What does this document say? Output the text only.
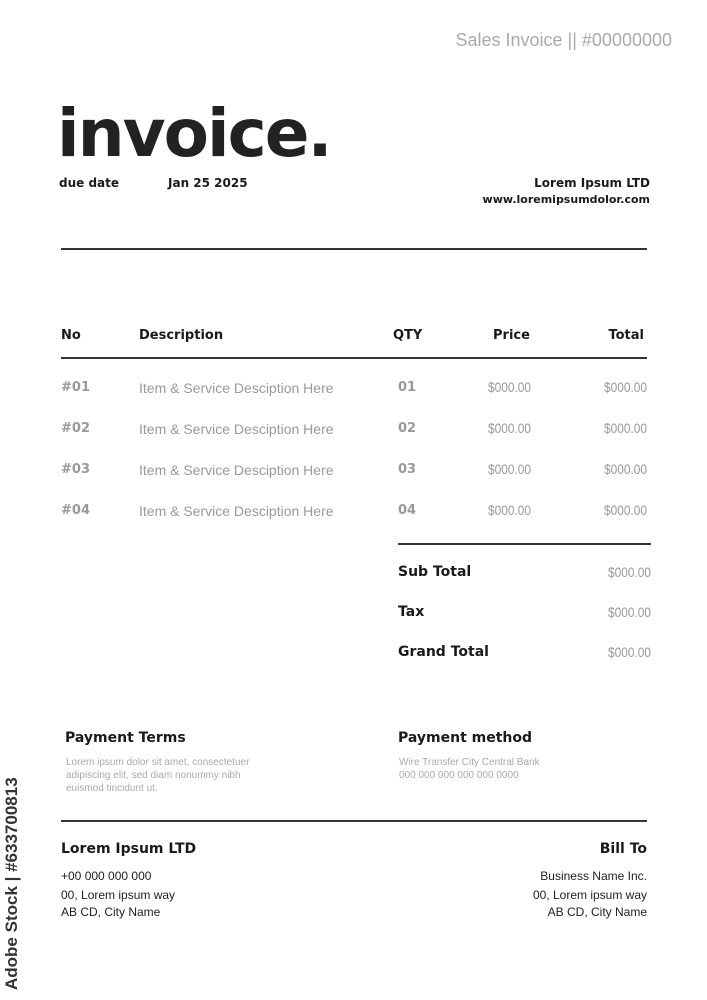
Sales Invoice || #00000000
invoice.
due date	Jan 25 2025	Lorem Ipsum LTD
www.loremipsumdolor.com
No	Description	QTY	Price	Total
#01	Item & Service Desciption Here	01	$000.00	$000.00
#02	Item & Service Desciption Here	02	$000.00	$000.00
#03	Item & Service Desciption Here	03	$000.00	$000.00
#04	Item & Service Desciption Here	04	$000.00	$000.00
Sub Total	$000.00
Tax	$000.00
Grand Total	$000.00
Payment Terms
Lorem ipsum dolor sit amet, consectetuer
adipiscing elit, sed diam nonummy nibh
euismod tincidunt ut.
Payment method
Wire Transfer City Central Bank
000 000 000 000 000 0000
Lorem Ipsum LTD
+00 000 000 000
00, Lorem ipsum way
AB CD, City Name
Bill To
Business Name Inc.
00, Lorem ipsum way
AB CD, City Name
Adobe Stock | #633700813
